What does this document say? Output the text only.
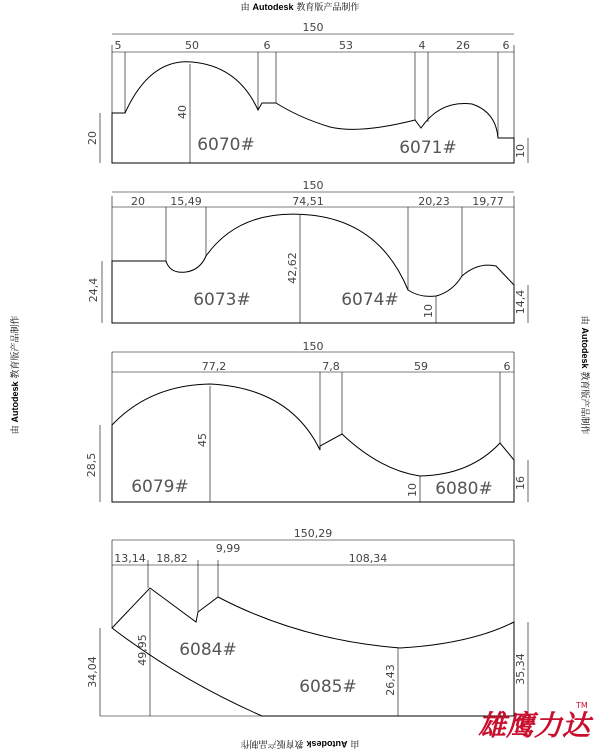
由 Autodesk 教育版产品制作
由 Autodesk 教育版产品制作
由 Autodesk 教育版产品制作	由 Autodesk 教育版产品制作
150
5	50	6	53	4	26	6
20
40
10
6070#	6071#
150
20 15,49	74,51	20,23 19,77
24,4
42,62
10	14,4
6073#	6074#
150
77,2	7,8	59	6
28,5
45
10	16
6079#	6080#
150,29
13,14 18,82
9,99
108,34
34,04
49,95
26,43	35,34
6084#
6085#
雄鹰力达
TM
